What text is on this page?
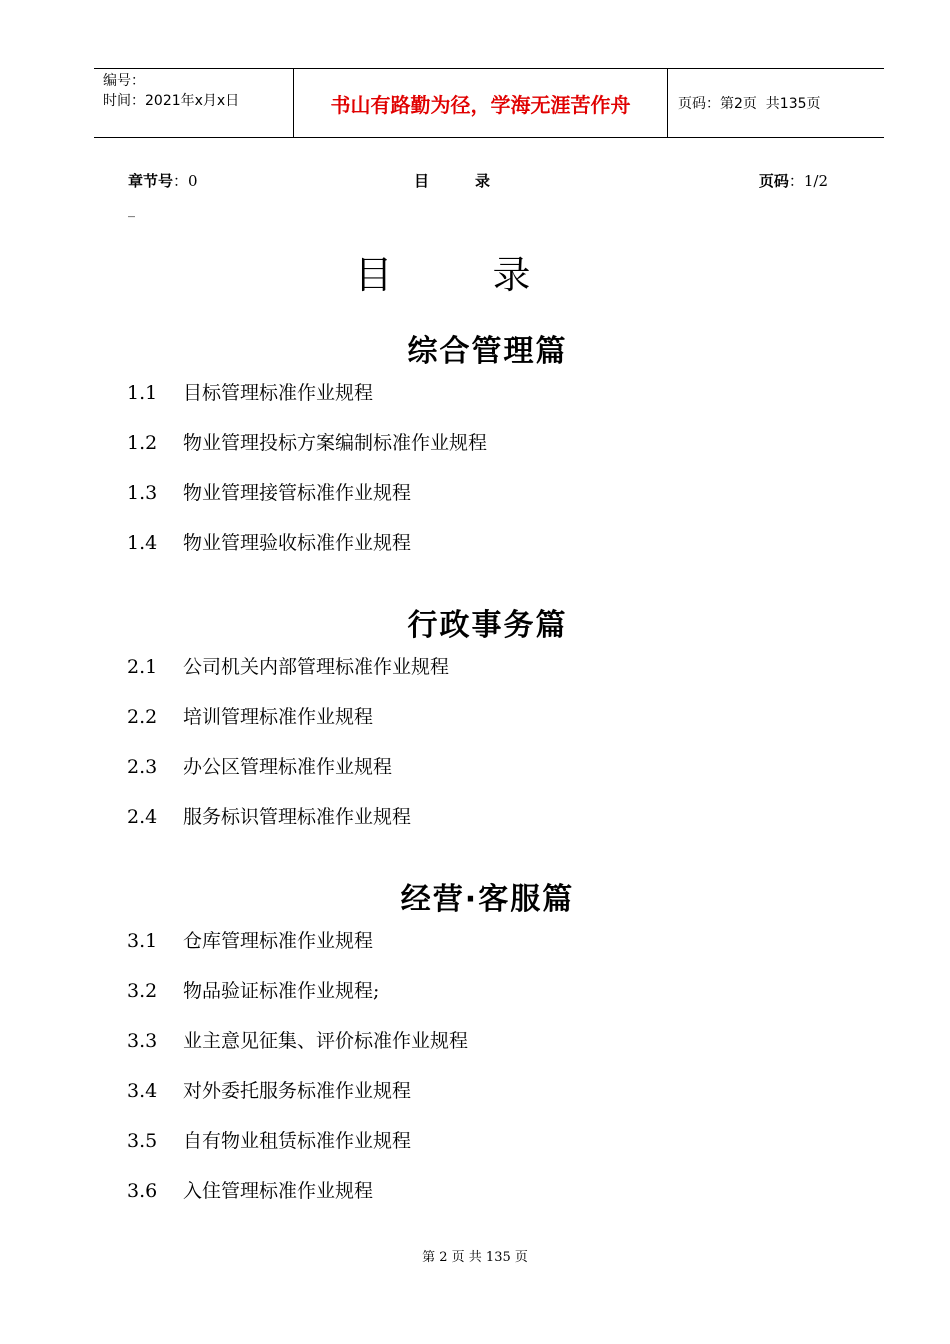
编号：
时间：2021年x月x日	书山有路勤为径，学海无涯苦作舟	页码：第2页  共135页
章节号：0	目录	页码：1/2
_
目录
综合管理篇
1.1 目标管理标准作业规程
1.2 物业管理投标方案编制标准作业规程
1.3 物业管理接管标准作业规程
1.4 物业管理验收标准作业规程
行政事务篇
2.1 公司机关内部管理标准作业规程
2.2 培训管理标准作业规程
2.3 办公区管理标准作业规程
2.4 服务标识管理标准作业规程
经营·客服篇
3.1 仓库管理标准作业规程
3.2 物品验证标准作业规程;
3.3 业主意见征集、评价标准作业规程
3.4 对外委托服务标准作业规程
3.5 自有物业租赁标准作业规程
3.6 入住管理标准作业规程
第 2 页 共 135 页
